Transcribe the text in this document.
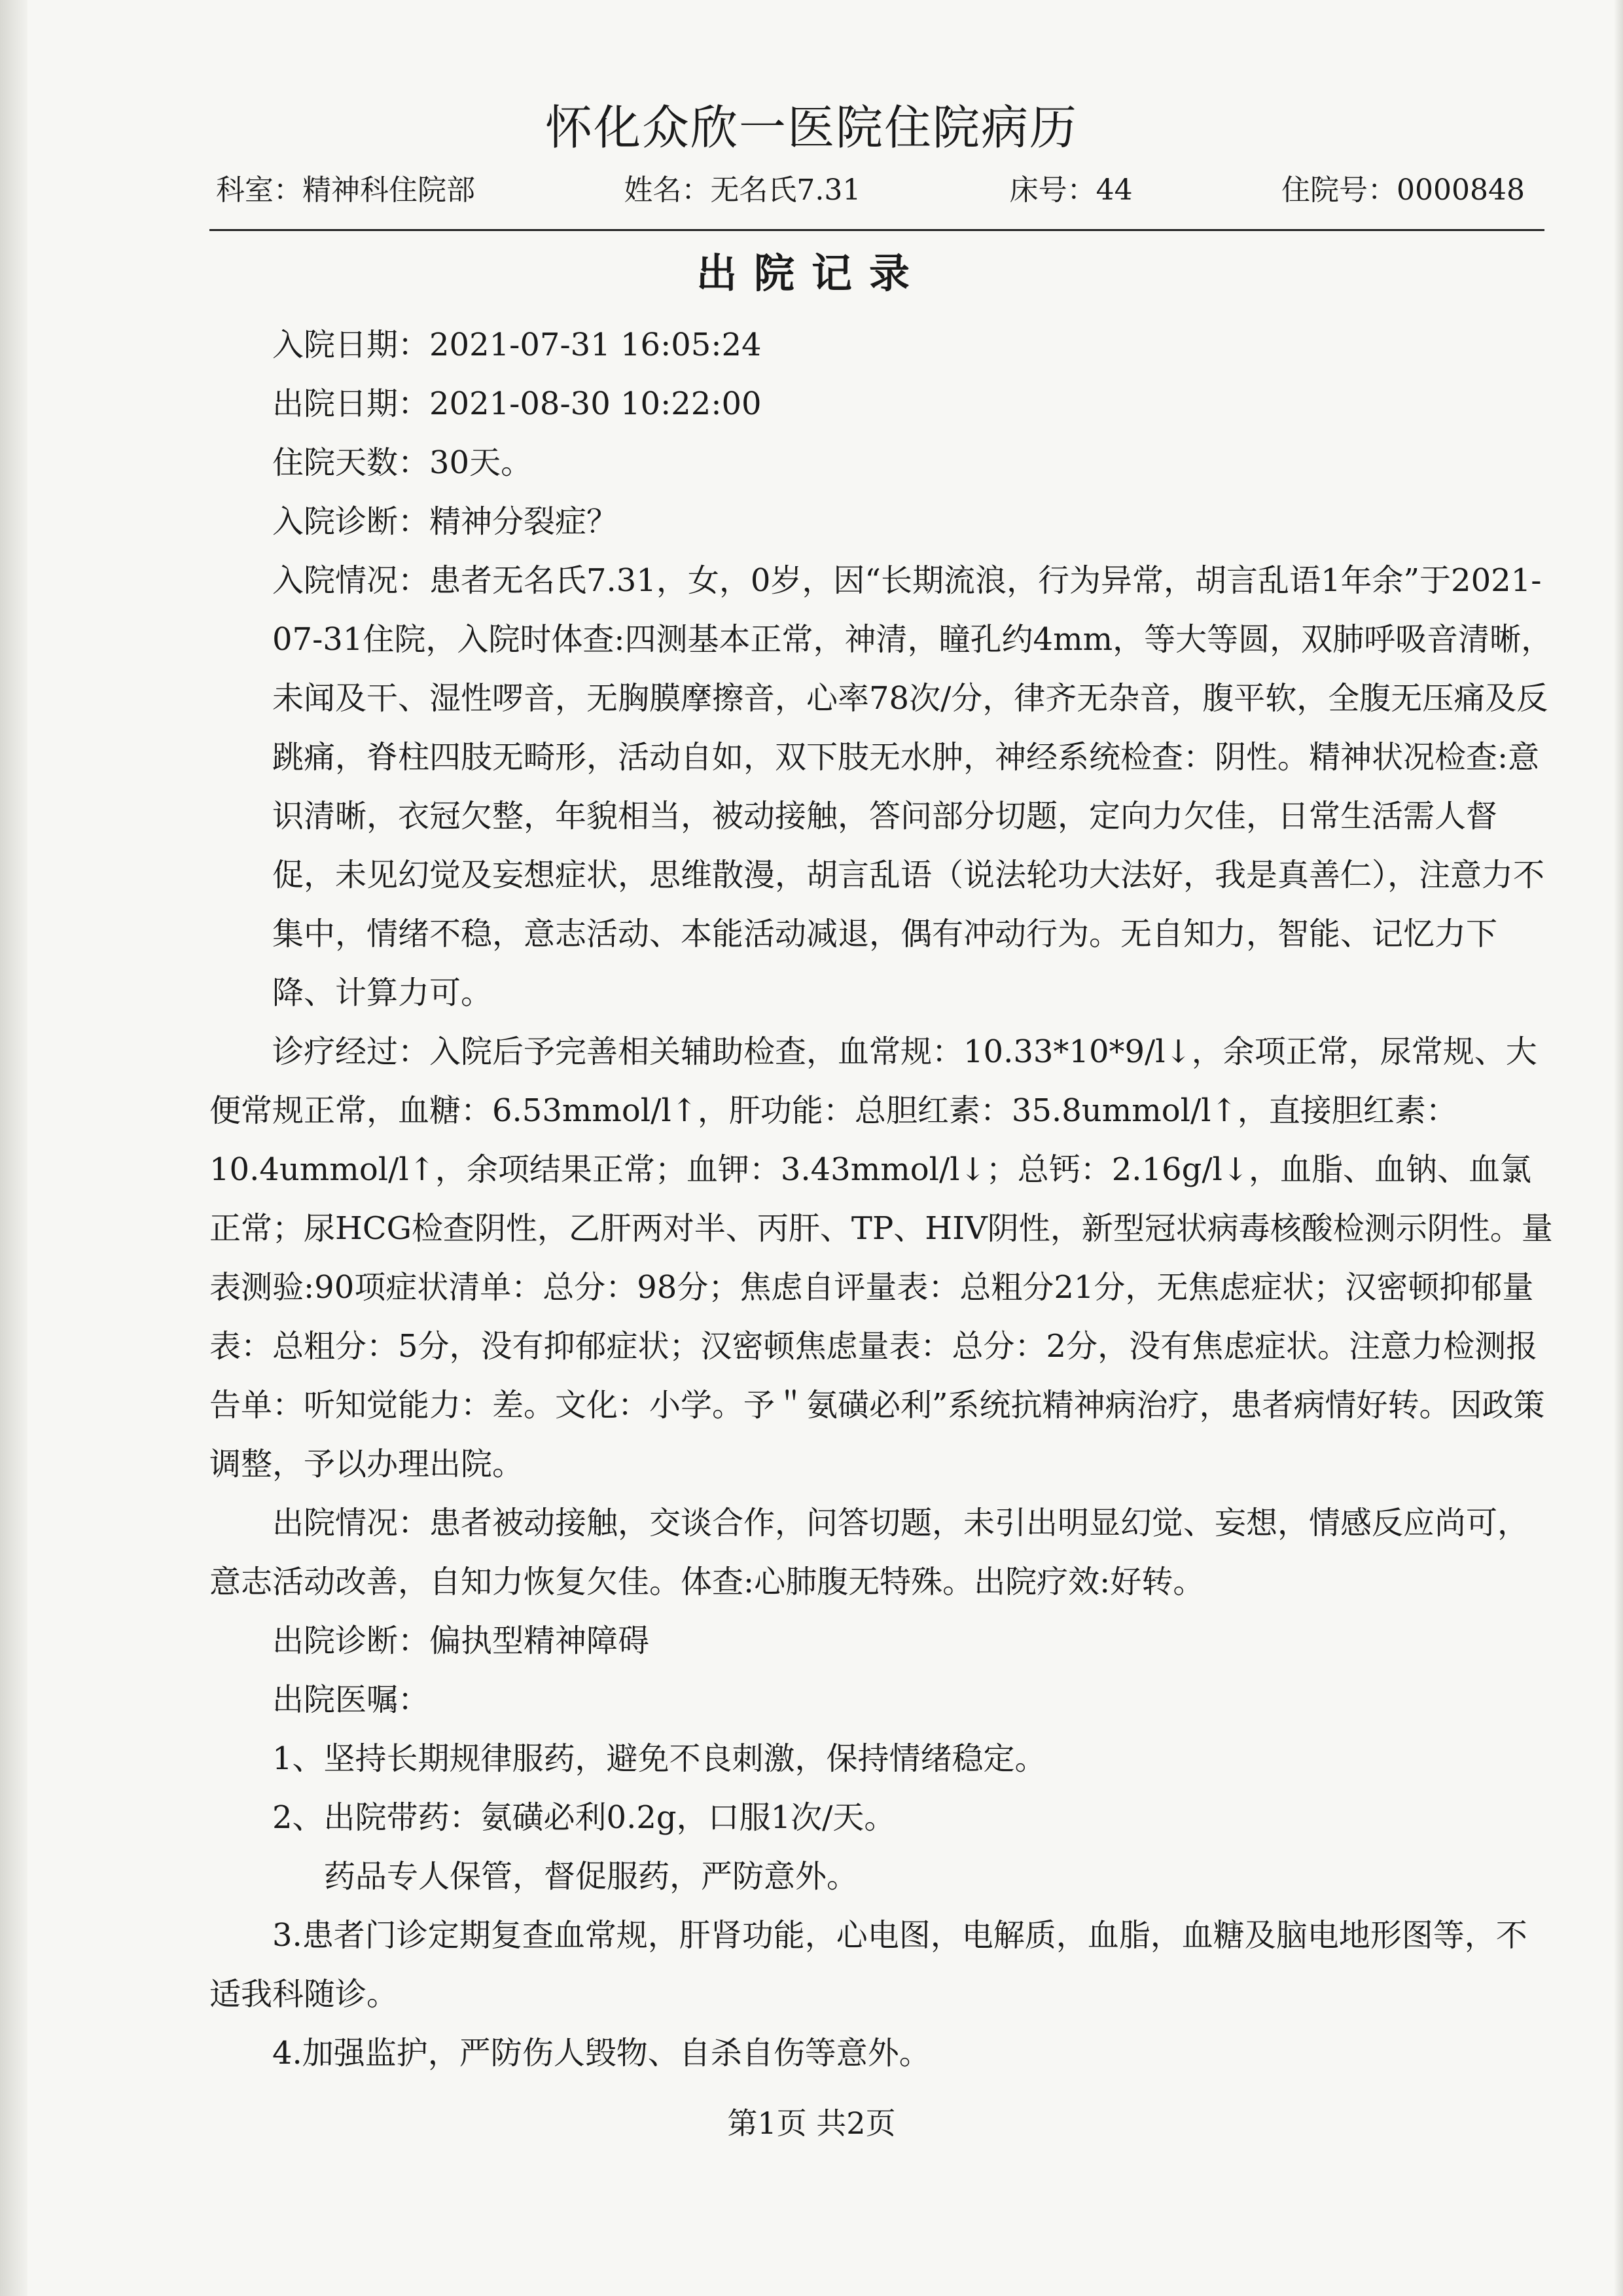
怀化众欣一医院住院病历
科室：精神科住院部	姓名：无名氏7.31	床号：44	住院号：0000848
出院记录

入院日期：2021-07-31 16:05:24

出院日期：2021-08-30 10:22:00

住院天数：30天。

入院诊断：精神分裂症？

入院情况：患者无名氏7.31，女，0岁，因“长期流浪，行为异常，胡言乱语1年余”于2021-07-31住院，入院时体查:四测基本正常，神清，瞳孔约4mm，等大等圆，双肺呼吸音清晰，未闻及干、湿性啰音，无胸膜摩擦音，心率78次/分，律齐无杂音，腹平软，全腹无压痛及反跳痛，脊柱四肢无畸形，活动自如，双下肢无水肿，神经系统检查：阴性。精神状况检查:意识清晰，衣冠欠整，年貌相当，被动接触，答问部分切题，定向力欠佳，日常生活需人督促，未见幻觉及妄想症状，思维散漫，胡言乱语（说法轮功大法好，我是真善仁），注意力不集中，情绪不稳，意志活动、本能活动减退，偶有冲动行为。无自知力，智能、记忆力下降、计算力可。

诊疗经过：入院后予完善相关辅助检查，血常规：10.33*10*9/l↓，余项正常，尿常规、大便常规正常，血糖：6.53mmol/l↑，肝功能：总胆红素：35.8ummol/l↑，直接胆红素：10.4ummol/l↑，余项结果正常；血钾：3.43mmol/l↓；总钙：2.16g/l↓，血脂、血钠、血氯正常；尿HCG检查阴性，乙肝两对半、丙肝、TP、HIV阴性，新型冠状病毒核酸检测示阴性。量表测验:90项症状清单：总分：98分；焦虑自评量表：总粗分21分，无焦虑症状；汉密顿抑郁量表：总粗分：5分，没有抑郁症状；汉密顿焦虑量表：总分：2分，没有焦虑症状。注意力检测报告单：听知觉能力：差。文化：小学。予＂氨磺必利”系统抗精神病治疗，患者病情好转。因政策调整，予以办理出院。

出院情况：患者被动接触，交谈合作，问答切题，未引出明显幻觉、妄想，情感反应尚可，意志活动改善，自知力恢复欠佳。体查:心肺腹无特殊。出院疗效:好转。

出院诊断：偏执型精神障碍

出院医嘱：

1、坚持长期规律服药，避免不良刺激，保持情绪稳定。

2、出院带药：氨磺必利0.2g，口服1次/天。

药品专人保管，督促服药，严防意外。

3.患者门诊定期复查血常规，肝肾功能，心电图，电解质，血脂，血糖及脑电地形图等，不适我科随诊。

4.加强监护，严防伤人毁物、自杀自伤等意外。

第1页 共2页
